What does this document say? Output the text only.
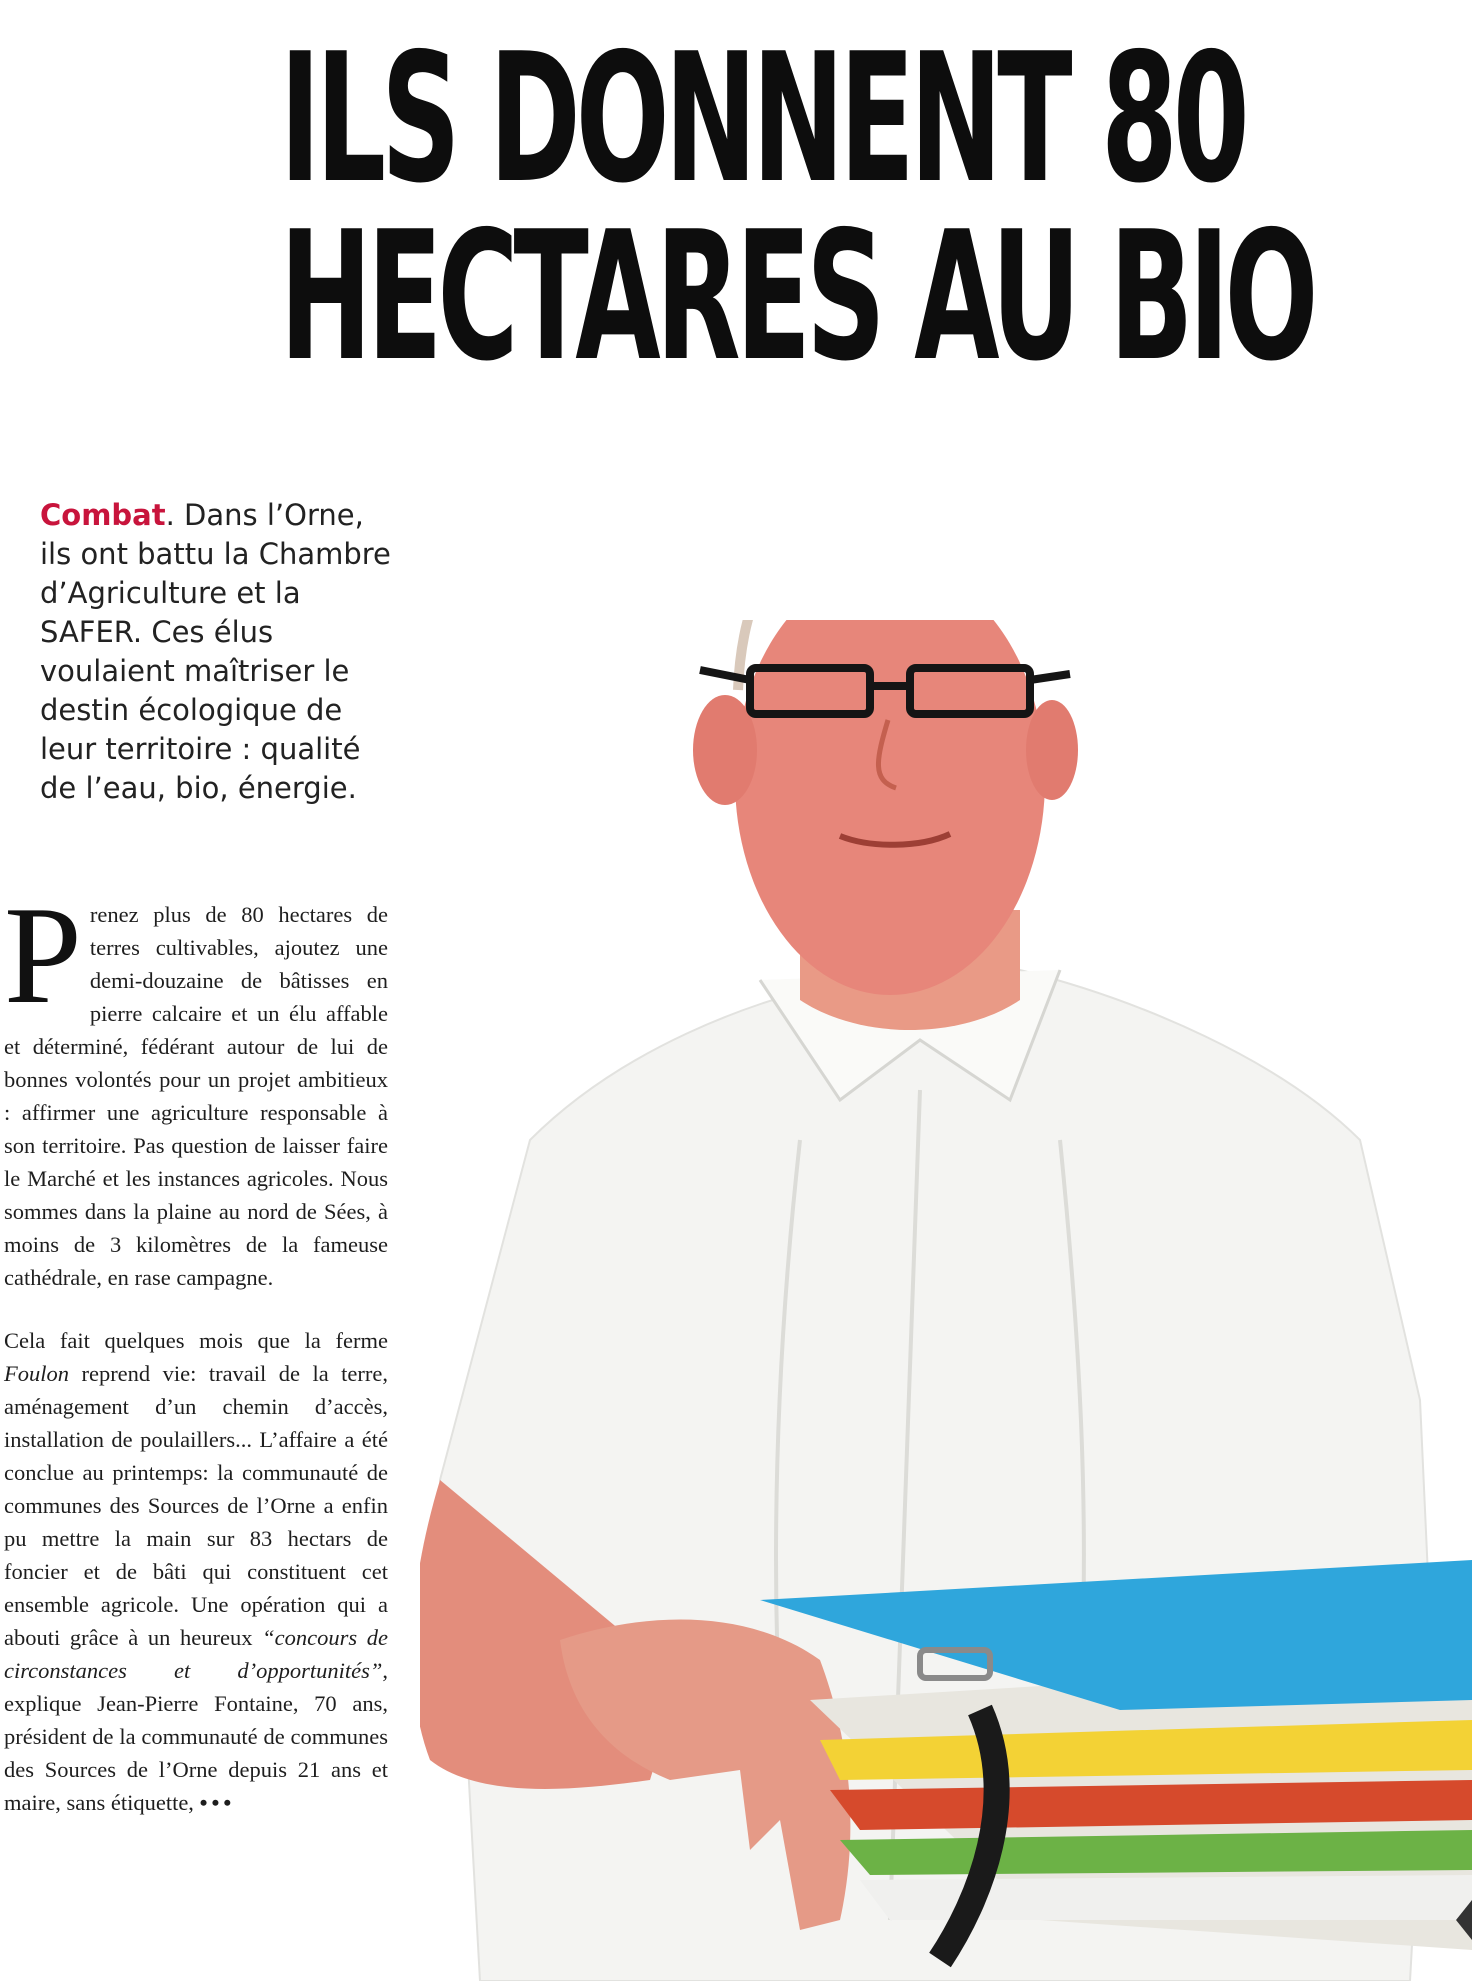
ILS DONNENT 80
HECTARES AU BIO
Combat. Dans l’Orne, ils ont battu la Chambre d’Agriculture et la SAFER. Ces élus voulaient maîtriser le destin écologique de leur territoire : qualité de l’eau, bio, énergie.

Prenez plus de 80 hectares de terres cultivables, ajoutez une demi-douzaine de bâtisses en pierre calcaire et un élu affable et déterminé, fédérant autour de lui de bonnes volontés pour un projet ambitieux : affirmer une agriculture responsable à son territoire. Pas question de laisser faire le Marché et les instances agricoles. Nous sommes dans la plaine au nord de Sées, à moins de 3 kilomètres de la fameuse cathédrale, en rase campagne.

Cela fait quelques mois que la ferme Foulon reprend vie: travail de la terre, aménagement d’un chemin d’accès, installation de poulaillers... L’affaire a été conclue au printemps: la communauté de communes des Sources de l’Orne a enfin pu mettre la main sur 83 hectars de foncier et de bâti qui constituent cet ensemble agricole. Une opération qui a abouti grâce à un heureux “concours de circonstances et d’opportunités”, explique Jean-Pierre Fontaine, 70 ans, président de la communauté de communes des Sources de l’Orne depuis 21 ans et maire, sans étiquette, •••
